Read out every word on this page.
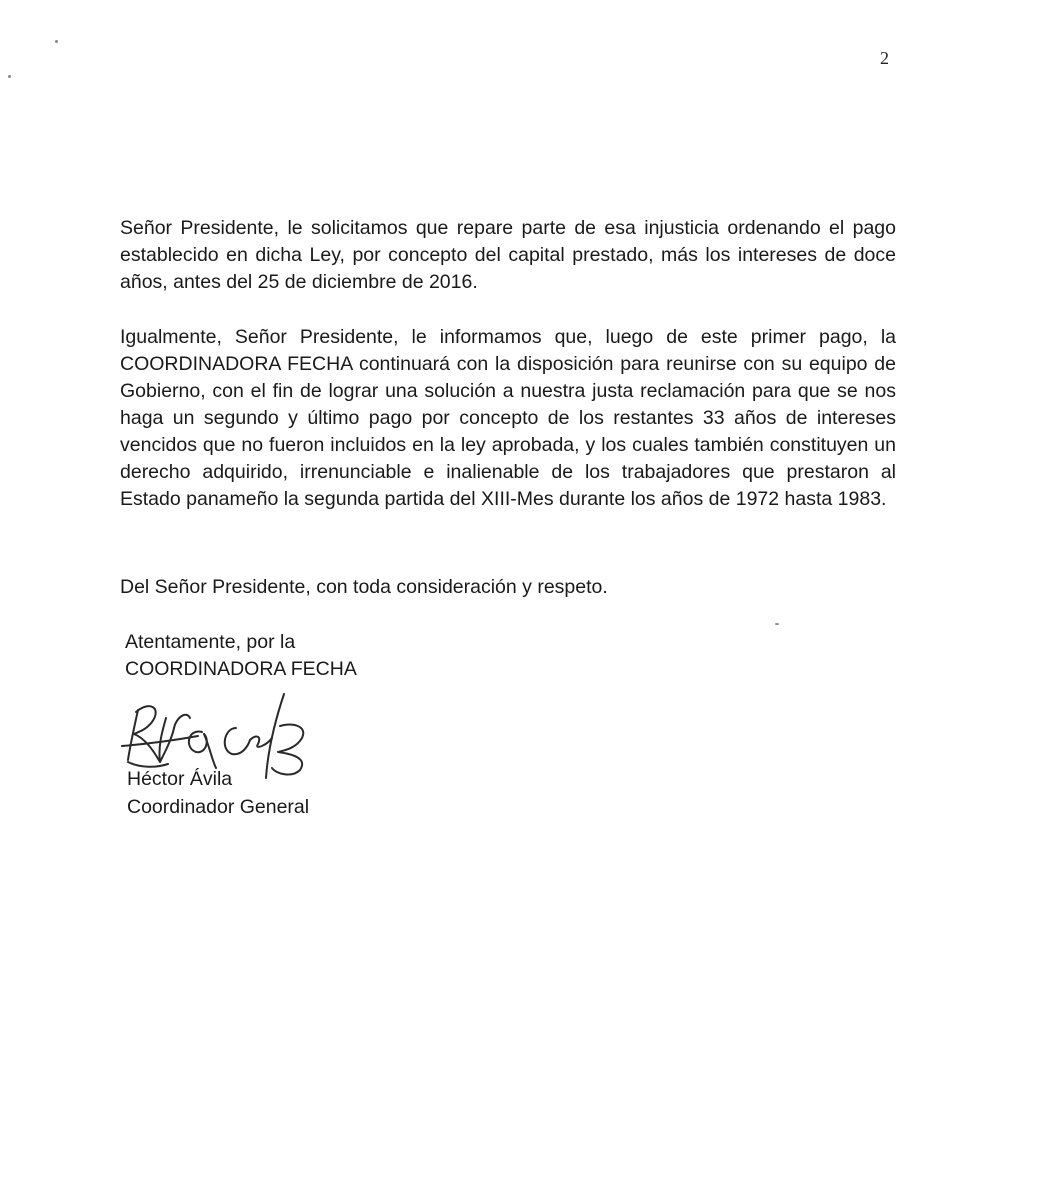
2

Señor Presidente, le solicitamos que repare parte de esa injusticia ordenando el pago establecido en dicha Ley, por concepto del capital prestado, más los intereses de doce años, antes del 25 de diciembre de 2016.

Igualmente, Señor Presidente, le informamos que, luego de este primer pago, la COORDINADORA FECHA continuará con la disposición para reunirse con su equipo de Gobierno, con el fin de lograr una solución a nuestra justa reclamación para que se nos haga un segundo y último pago por concepto de los restantes 33 años de intereses vencidos que no fueron incluidos en la ley aprobada, y los cuales también constituyen un derecho adquirido, irrenunciable e inalienable de los trabajadores que prestaron al Estado panameño la segunda partida del XIII-Mes durante los años de 1972 hasta 1983.

Del Señor Presidente, con toda consideración y respeto.

Atentamente, por la
COORDINADORA FECHA
Héctor Ávila
Coordinador General
